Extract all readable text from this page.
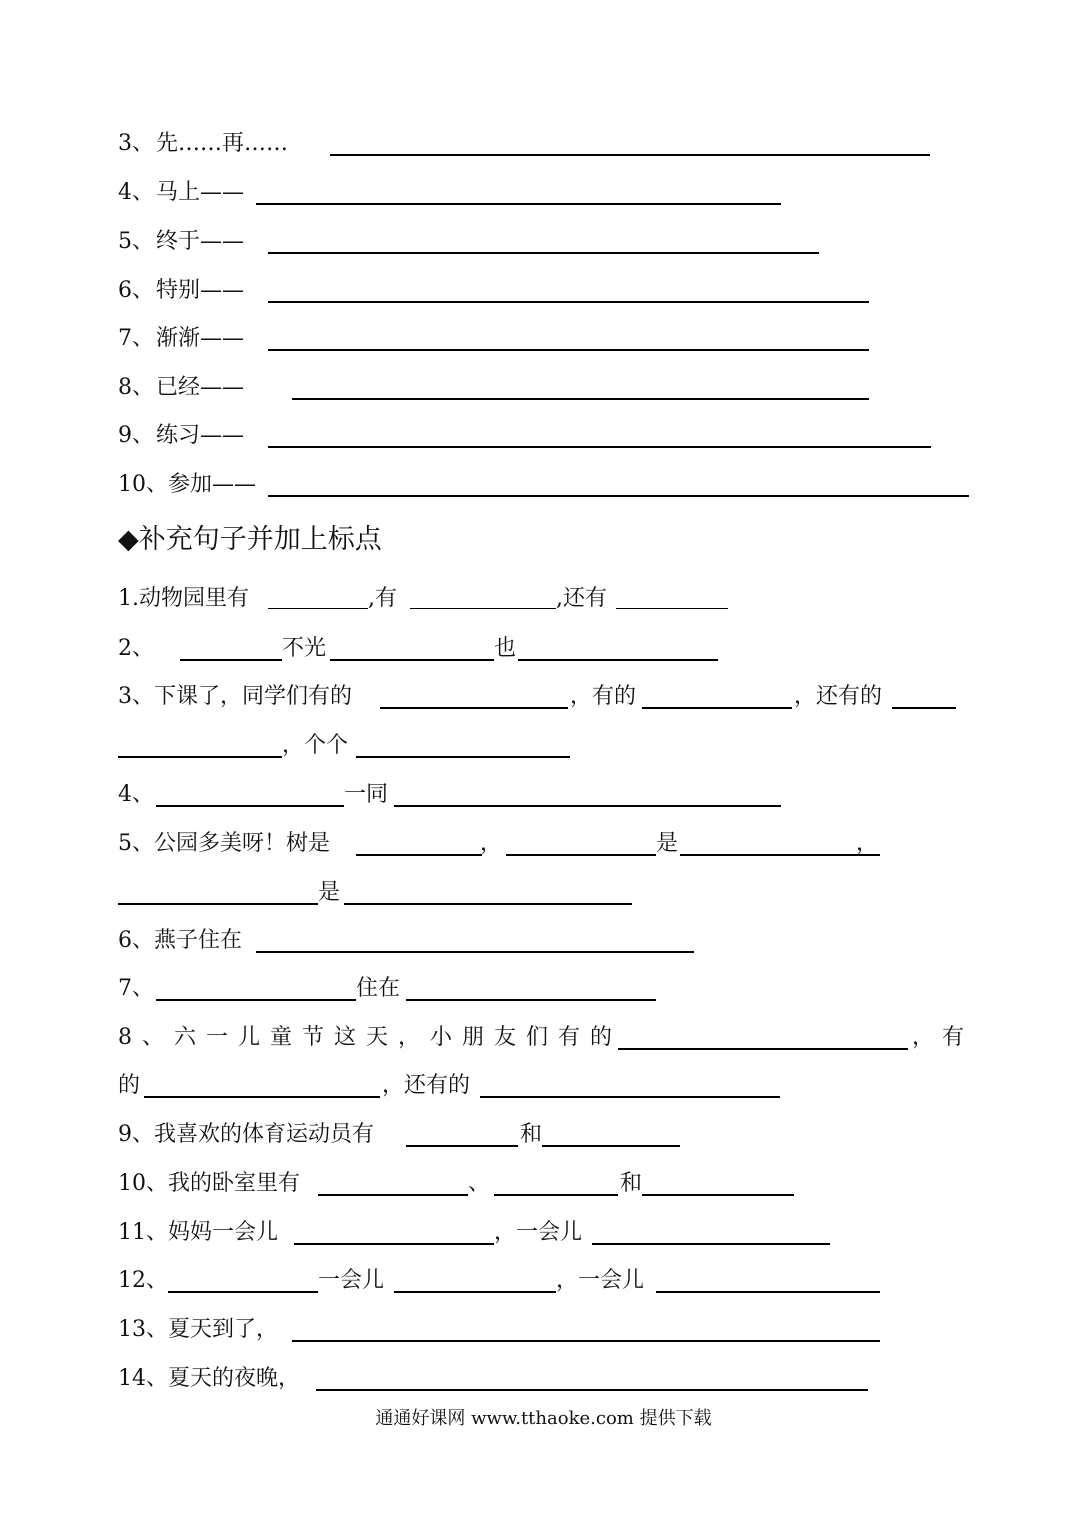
3、 先……再……
4、 马上——
5、 终于——
6、 特别——
7、 渐渐——
8、 已经——
9、 练习——
10、 参加——
◆补充句子并加上标点
1.动物园里有	,有	,还有
2、	不光	也
3、下课了，同学们有的	，有的	，还有的
，个个
4、	一同
5、公园多美呀！树是	，	是	，
是
6、燕子住在
7、	住在
8、六一儿童节这天，小朋友们有的	，有
的	，还有的
9、我喜欢的体育运动员有	和
10、我的卧室里有	、	和
11、妈妈一会儿	，一会儿
12、	一会儿	，一会儿
13、夏天到了，
14、夏天的夜晚，
通通好课网 www.tthaoke.com 提供下载
